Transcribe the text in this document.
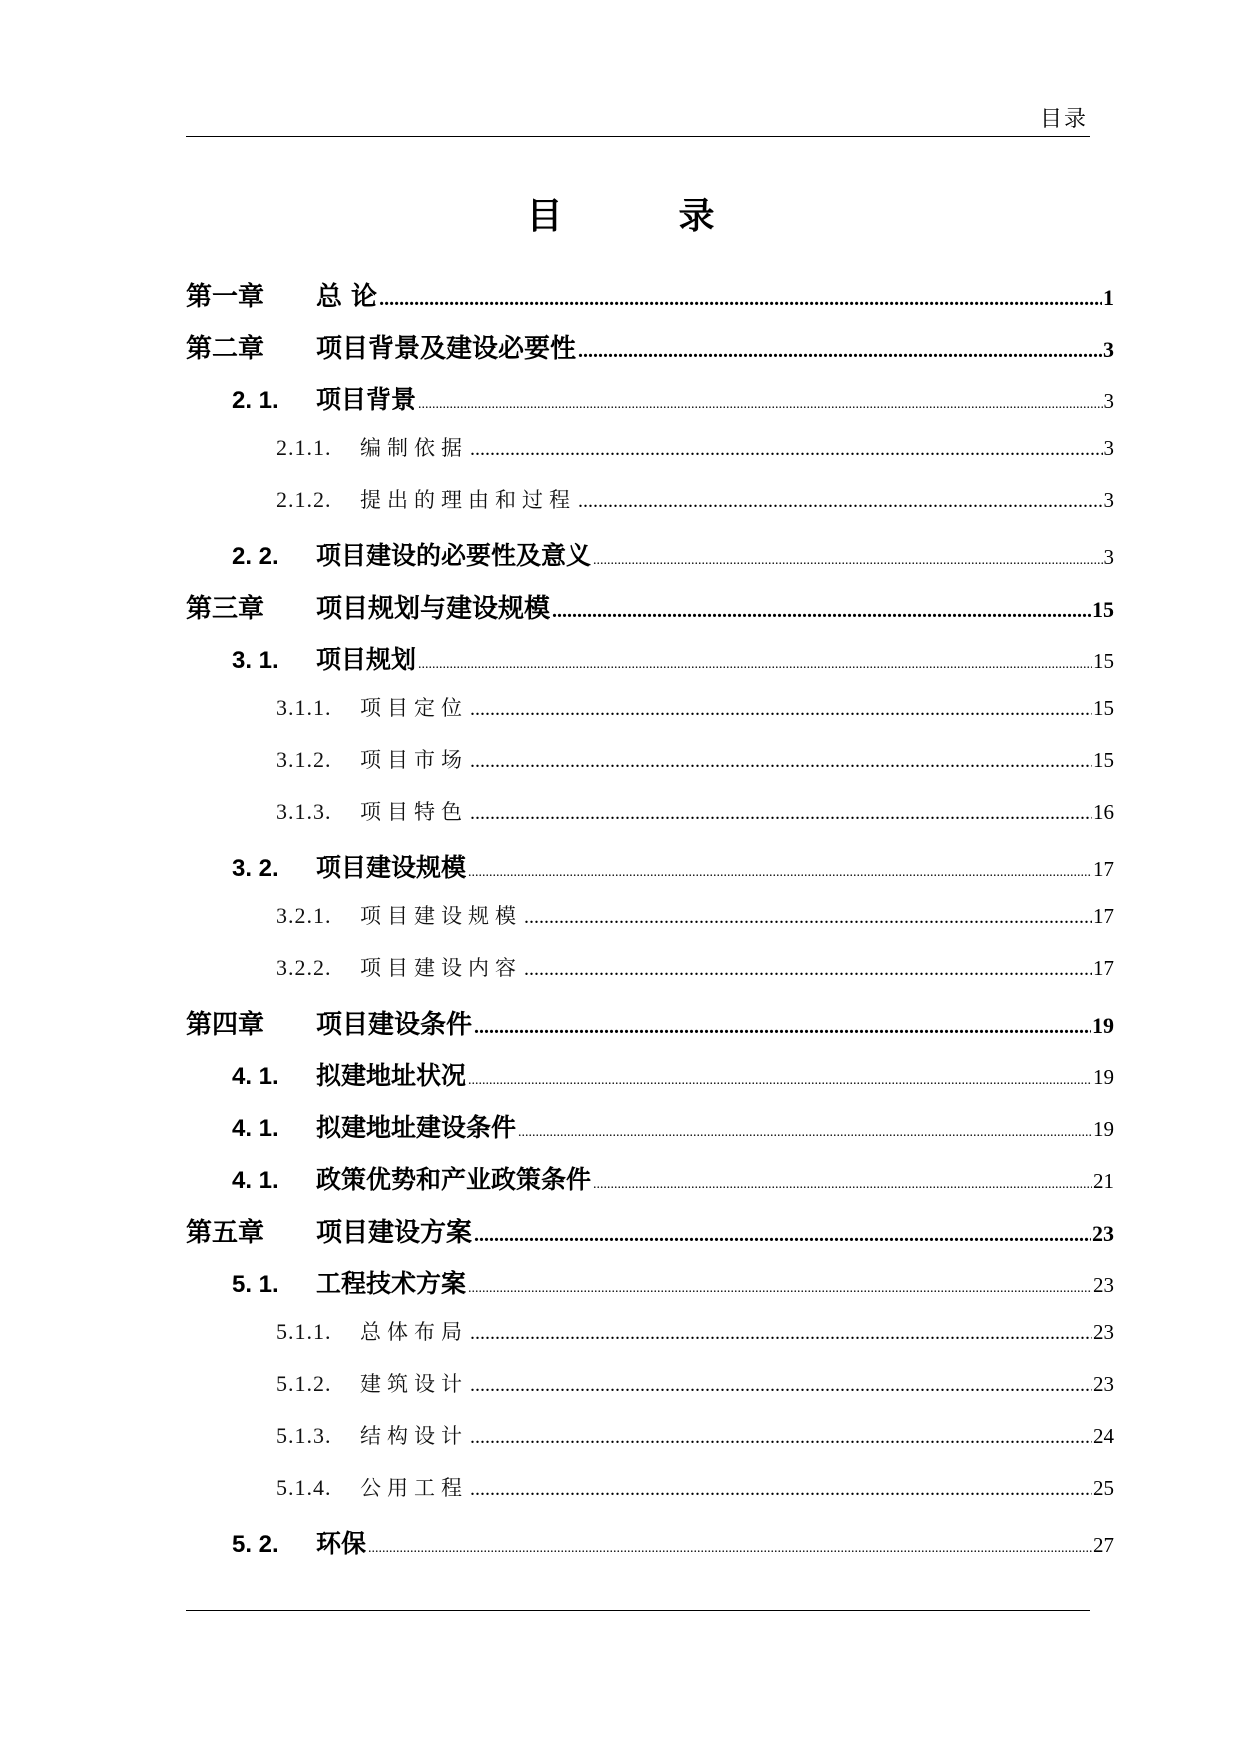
目录
目　录
第一章	总 论 .....	1
第二章	项目背景及建设必要性 .....	3
2. 1.	项目背景 .....	3
2.1.1.	编制依据 .....	3
2.1.2.	提出的理由和过程 .....	3
2. 2.	项目建设的必要性及意义 .....	3
第三章	项目规划与建设规模 .....	15
3. 1.	项目规划 .....	15
3.1.1.	项目定位 .....	15
3.1.2.	项目市场 .....	15
3.1.3.	项目特色 .....	16
3. 2.	项目建设规模 .....	17
3.2.1.	项目建设规模 .....	17
3.2.2.	项目建设内容 .....	17
第四章	项目建设条件 .....	19
4. 1.	拟建地址状况 .....	19
4. 1.	拟建地址建设条件 .....	19
4. 1.	政策优势和产业政策条件 .....	21
第五章	项目建设方案 .....	23
5. 1.	工程技术方案 .....	23
5.1.1.	总体布局 .....	23
5.1.2.	建筑设计 .....	23
5.1.3.	结构设计 .....	24
5.1.4.	公用工程 .....	25
5. 2.	环保 .....	27
